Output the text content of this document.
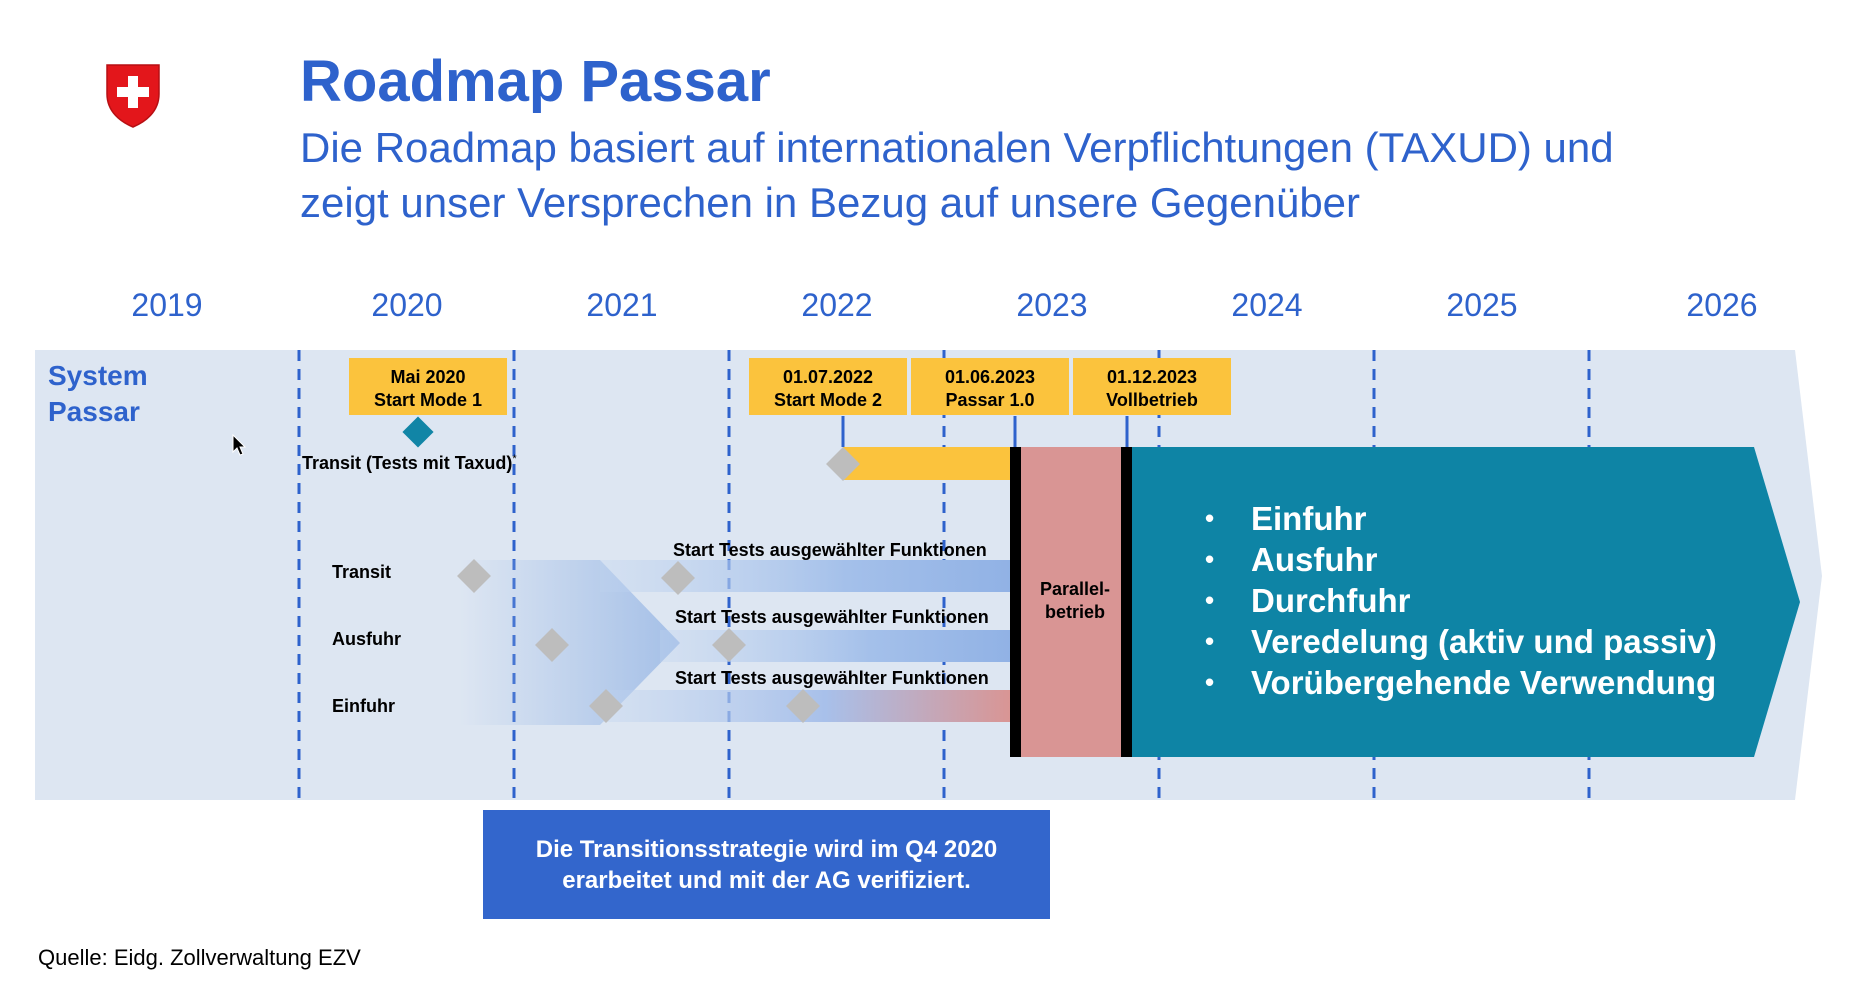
Roadmap Passar
Die Roadmap basiert auf internationalen Verpflichtungen (TAXUD) und
zeigt unser Versprechen in Bezug auf unsere Gegenüber
2019	2020	2021	2022	2023	2024	2025	2026
System
Passar
Mai 2020
Start Mode 1
01.07.2022
Start Mode 2
01.06.2023
Passar 1.0
01.12.2023
Vollbetrieb
Transit (Tests mit Taxud)*
Transit
Ausfuhr
Einfuhr
Start Tests ausgewählter Funktionen
Start Tests ausgewählter Funktionen
Start Tests ausgewählter Funktionen
Parallel-
betrieb
• Einfuhr
• Ausfuhr
• Durchfuhr
• Veredelung (aktiv und passiv)
• Vorübergehende Verwendung
Die Transitionsstrategie wird im Q4 2020
erarbeitet und mit der AG verifiziert.
Quelle: Eidg. Zollverwaltung EZV
